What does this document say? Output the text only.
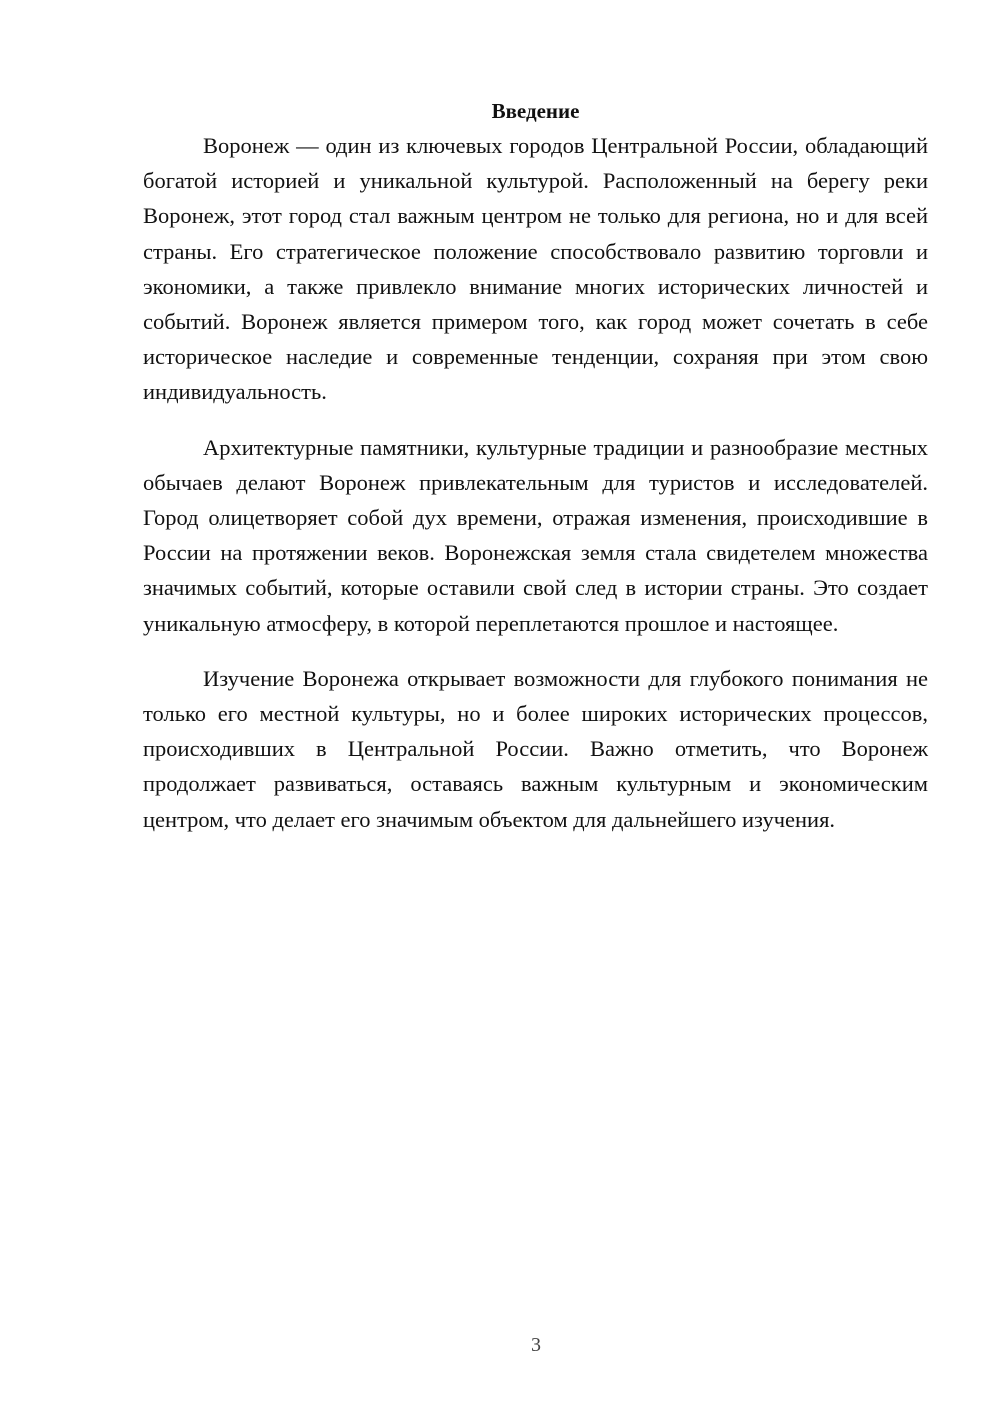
Введение

Воронеж — один из ключевых городов Центральной России, обладающий богатой историей и уникальной культурой. Расположенный на берегу реки Воронеж, этот город стал важным центром не только для региона, но и для всей страны. Его стратегическое положение способствовало развитию торговли и экономики, а также привлекло внимание многих исторических личностей и событий. Воронеж является примером того, как город может сочетать в себе историческое наследие и современные тенденции, сохраняя при этом свою индивидуальность.

Архитектурные памятники, культурные традиции и разнообразие местных обычаев делают Воронеж привлекательным для туристов и исследователей. Город олицетворяет собой дух времени, отражая изменения, происходившие в России на протяжении веков. Воронежская земля стала свидетелем множества значимых событий, которые оставили свой след в истории страны. Это создает уникальную атмосферу, в которой переплетаются прошлое и настоящее.

Изучение Воронежа открывает возможности для глубокого понимания не только его местной культуры, но и более широких исторических процессов, происходивших в Центральной России. Важно отметить, что Воронеж продолжает развиваться, оставаясь важным культурным и экономическим центром, что делает его значимым объектом для дальнейшего изучения.

3
